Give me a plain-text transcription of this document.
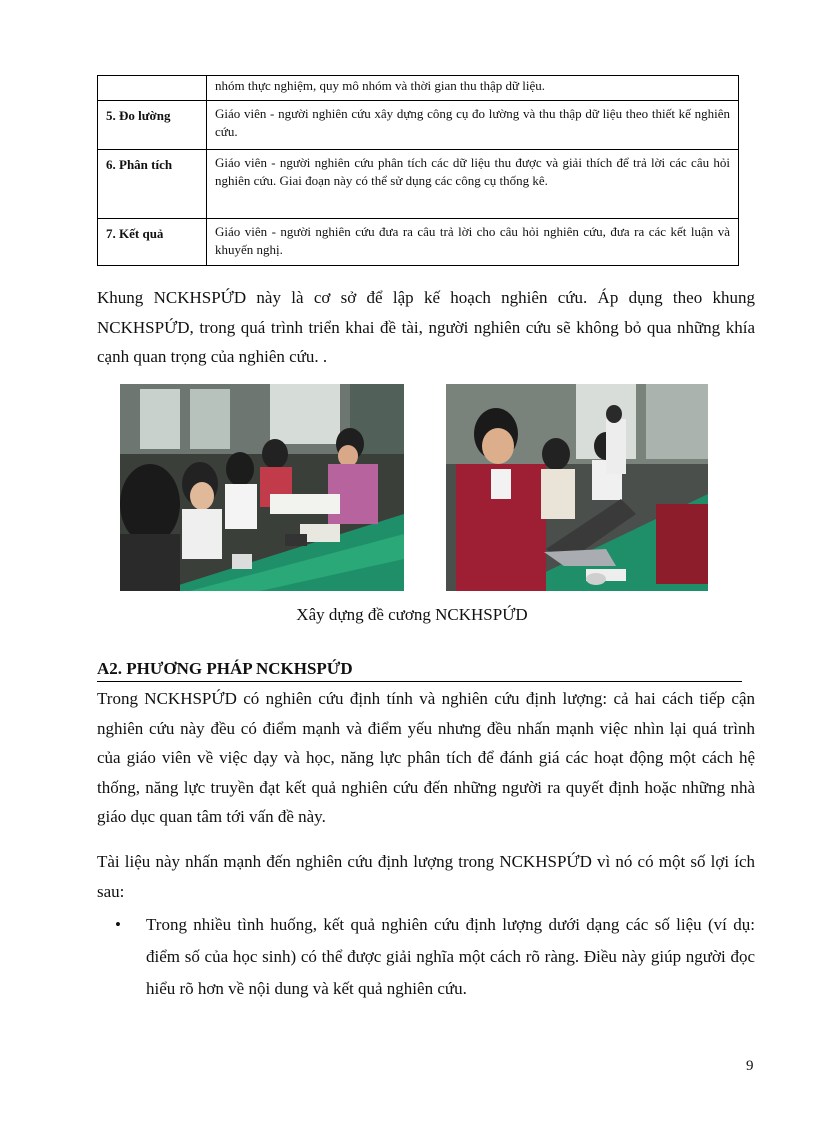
	nhóm thực nghiệm, quy mô nhóm và thời gian thu thập dữ liệu.
5. Đo lường	Giáo viên - người nghiên cứu xây dựng công cụ đo lường và thu thập dữ liệu theo thiết kế nghiên cứu.
6. Phân tích	Giáo viên - người nghiên cứu phân tích các dữ liệu thu được và giải thích để trả lời các câu hỏi nghiên cứu. Giai đoạn này có thể sử dụng các công cụ thống kê.
7. Kết quả	Giáo viên - người nghiên cứu đưa ra câu trả lời cho câu hỏi nghiên cứu, đưa ra các kết luận và khuyến nghị.

Khung NCKHSPỨD này là cơ sở để lập kế hoạch nghiên cứu. Áp dụng theo khung NCKHSPỨD, trong quá trình triển khai đề tài, người nghiên cứu sẽ không bỏ qua những khía cạnh quan trọng của nghiên cứu. .

Xây dựng đề cương NCKHSPỨD
A2. PHƯƠNG PHÁP NCKHSPỨD

Trong NCKHSPỨD có nghiên cứu định tính và nghiên cứu định lượng: cả hai cách tiếp cận nghiên cứu này đều có điểm mạnh và điểm yếu nhưng đều nhấn mạnh việc nhìn lại quá trình của giáo viên về việc dạy và học, năng lực phân tích để đánh giá các hoạt động một cách hệ thống, năng lực truyền đạt kết quả nghiên cứu đến những người ra quyết định hoặc những nhà giáo dục quan tâm tới vấn đề này.

Tài liệu này nhấn mạnh đến nghiên cứu định lượng trong NCKHSPỨD vì nó có một số lợi ích sau:

• Trong nhiều tình huống, kết quả nghiên cứu định lượng dưới dạng các số liệu (ví dụ: điểm số của học sinh) có thể được giải nghĩa một cách rõ ràng. Điều này giúp người đọc hiểu rõ hơn về nội dung và kết quả nghiên cứu.
9
